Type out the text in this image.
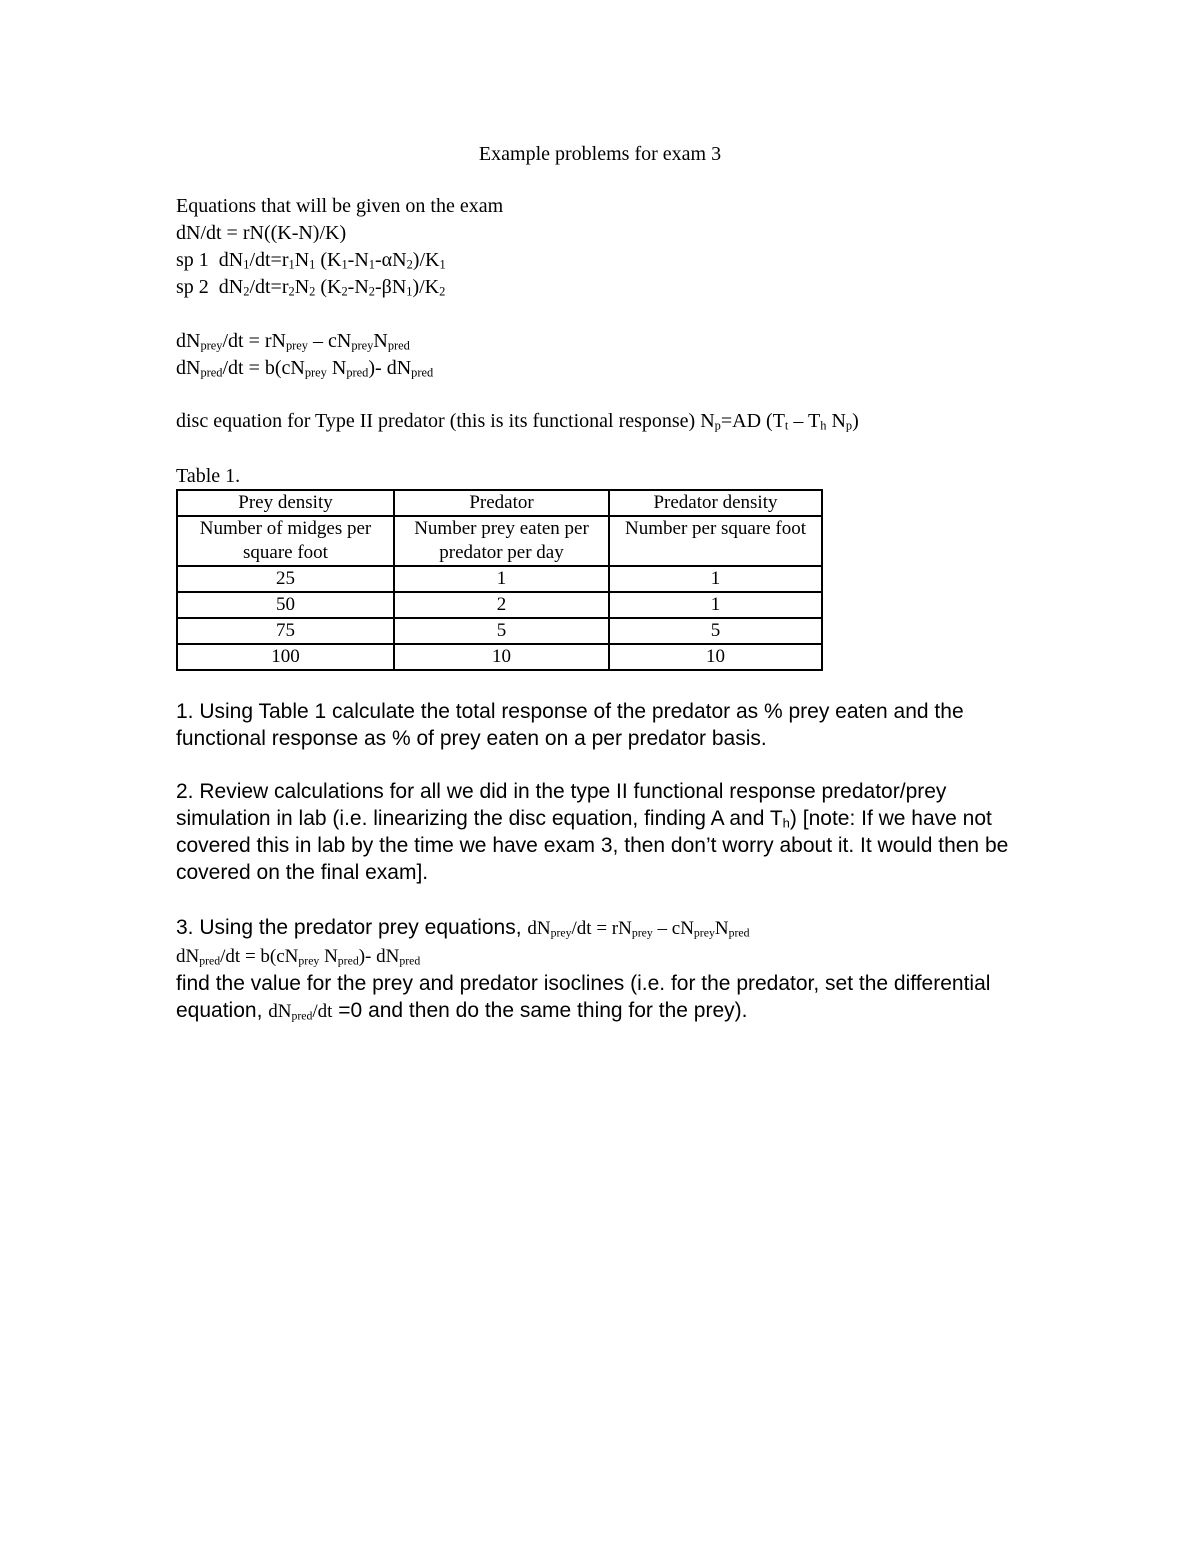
Example problems for exam 3
Equations that will be given on the exam
dN/dt = rN((K-N)/K)
sp 1  $dN_1/dt=r_1N_1$ $(K_1-N_1-\alpha N_2)/K_1$
sp 2  $dN_2/dt=r_2N_2$ $(K_2-N_2-\beta N_1)/K_2$
$dN_{prey}/dt = rN_{prey} - cN_{prey}N_{pred}$
$dN_{pred}/dt = b(cN_{prey}$ $N_{pred})-$ $dN_{pred}$
disc equation for Type II predator (this is its functional response) $N_p=AD$ ($T_t - T_h$ $N_p$)
Table 1.
Prey density	Predator	Predator density
Number of midges per square foot	Number prey eaten per predator per day	Number per square foot
25	1	1
50	2	1
75	5	5
100	10	10
1. Using Table 1 calculate the total response of the predator as % prey eaten and the functional response as % of prey eaten on a per predator basis.
2. Review calculations for all we did in the type II functional response predator/prey simulation in lab (i.e. linearizing the disc equation, finding A and $T_h$) [note: If we have not covered this in lab by the time we have exam 3, then don’t worry about it. It would then be covered on the final exam].
3. Using the predator prey equations, $dN_{prey}/dt = rN_{prey} - cN_{prey}N_{pred}$
$dN_{pred}/dt = b(cN_{prey}$ $N_{pred})-$ $dN_{pred}$
find the value for the prey and predator isoclines (i.e. for the predator, set the differential equation, $dN_{pred}/dt =0$ and then do the same thing for the prey).
